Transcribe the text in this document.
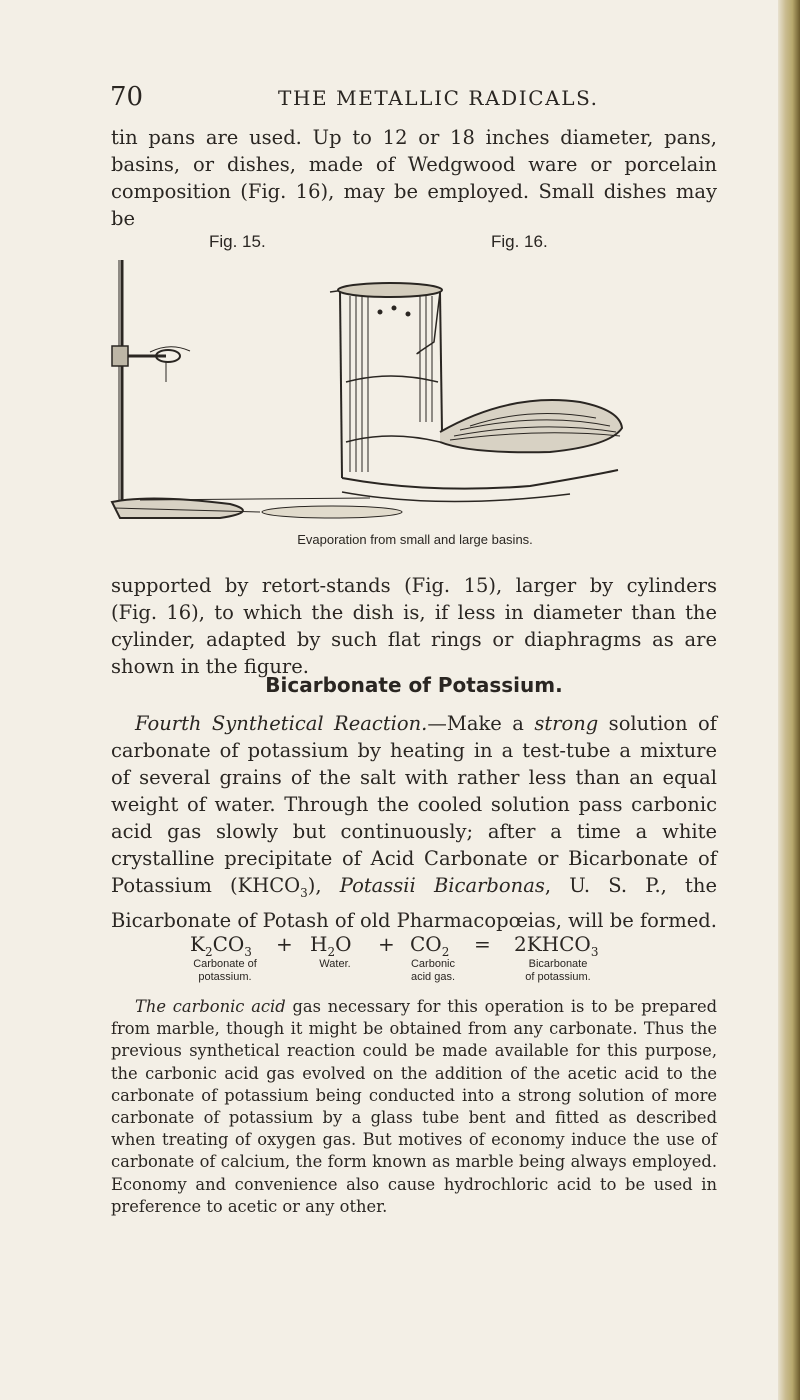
70	THE METALLIC RADICALS.

tin pans are used. Up to 12 or 18 inches diameter, pans, basins, or dishes, made of Wedgwood ware or porcelain composition (Fig. 16), may be employed. Small dishes may be

Fig. 15.	Fig. 16.
Evaporation from small and large basins.

supported by retort-stands (Fig. 15), larger by cylinders (Fig. 16), to which the dish is, if less in diameter than the cylinder, adapted by such flat rings or diaphragms as are shown in the figure.

Bicarbonate of Potassium.

Fourth Synthetical Reaction.—Make a strong solution of carbonate of potassium by heating in a test-tube a mixture of several grains of the salt with rather less than an equal weight of water. Through the cooled solution pass carbonic acid gas slowly but continuously; after a time a white crystalline precipitate of Acid Carbonate or Bicarbonate of Potassium $(KHCO_3)$, Potassii Bicarbonas, U. S. P., the Bicarbonate of Potash of old Pharmacopœias, will be formed.

$K_2CO_3 + H_2O + CO_2$ = $2KHCO_3$
Carbonate of
potassium.
Water.	Carbonic
acid gas.
Bicarbonate
of potassium.

The carbonic acid gas necessary for this operation is to be prepared from marble, though it might be obtained from any carbonate. Thus the previous synthetical reaction could be made available for this purpose, the carbonic acid gas evolved on the addition of the acetic acid to the carbonate of potassium being conducted into a strong solution of more carbonate of potassium by a glass tube bent and fitted as described when treating of oxygen gas. But motives of economy induce the use of carbonate of calcium, the form known as marble being always employed. Economy and convenience also cause hydrochloric acid to be used in preference to acetic or any other.
